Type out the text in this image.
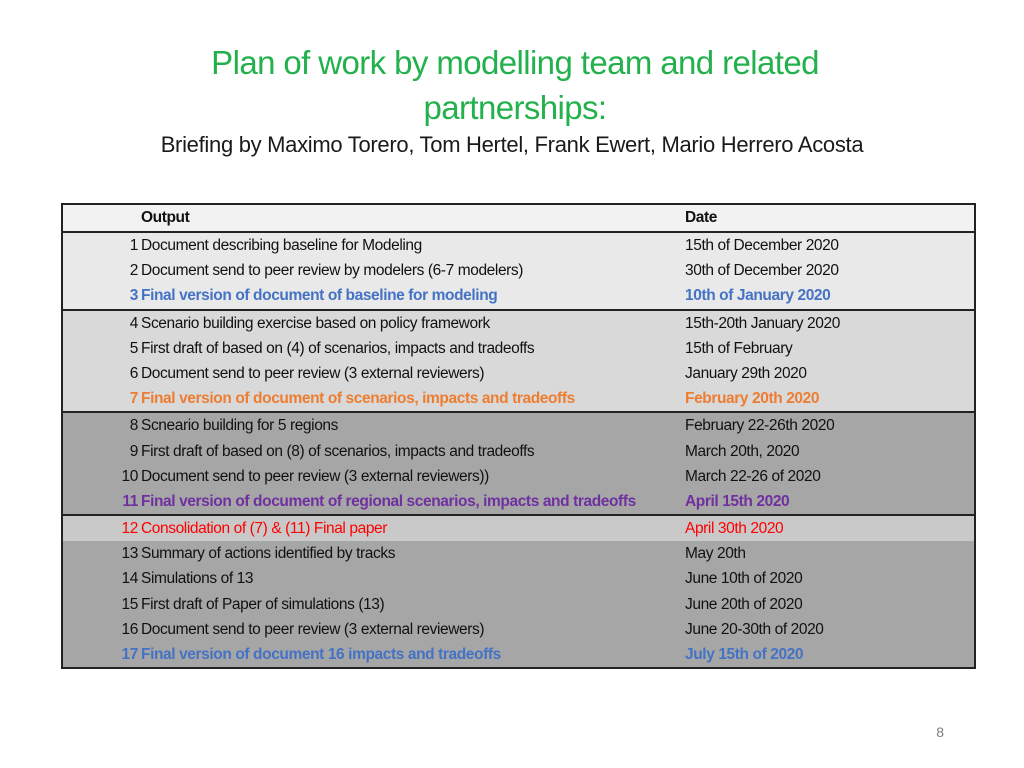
Plan of work by modelling team and related
partnerships:
Briefing by Maximo Torero, Tom Hertel, Frank Ewert, Mario Herrero Acosta
Output	Date
1 Document describing baseline for Modeling	15th of December 2020
2 Document send to peer review by modelers (6-7 modelers)	30th of December 2020
3 Final version of document of baseline for modeling	10th of January 2020
4 Scenario building exercise based on policy framework	15th-20th January 2020
5 First draft of based on (4) of scenarios, impacts and tradeoffs	15th of February
6 Document send to peer review (3 external reviewers)	January 29th 2020
7 Final version of document of scenarios, impacts and tradeoffs	February 20th 2020
8 Scneario building for 5 regions	February 22-26th 2020
9 First draft of based on (8) of scenarios, impacts and tradeoffs	March 20th, 2020
10 Document send to peer review (3 external reviewers))	March 22-26 of 2020
11 Final version of document of regional scenarios, impacts and tradeoffs	April 15th 2020
12 Consolidation of (7) & (11) Final paper	April 30th 2020
13 Summary of actions identified by tracks	May 20th
14 Simulations of 13	June 10th of 2020
15 First draft of Paper of simulations (13)	June 20th of 2020
16 Document send to peer review (3 external reviewers)	June 20-30th of 2020
17 Final version of document 16 impacts and tradeoffs	July 15th of 2020
8
